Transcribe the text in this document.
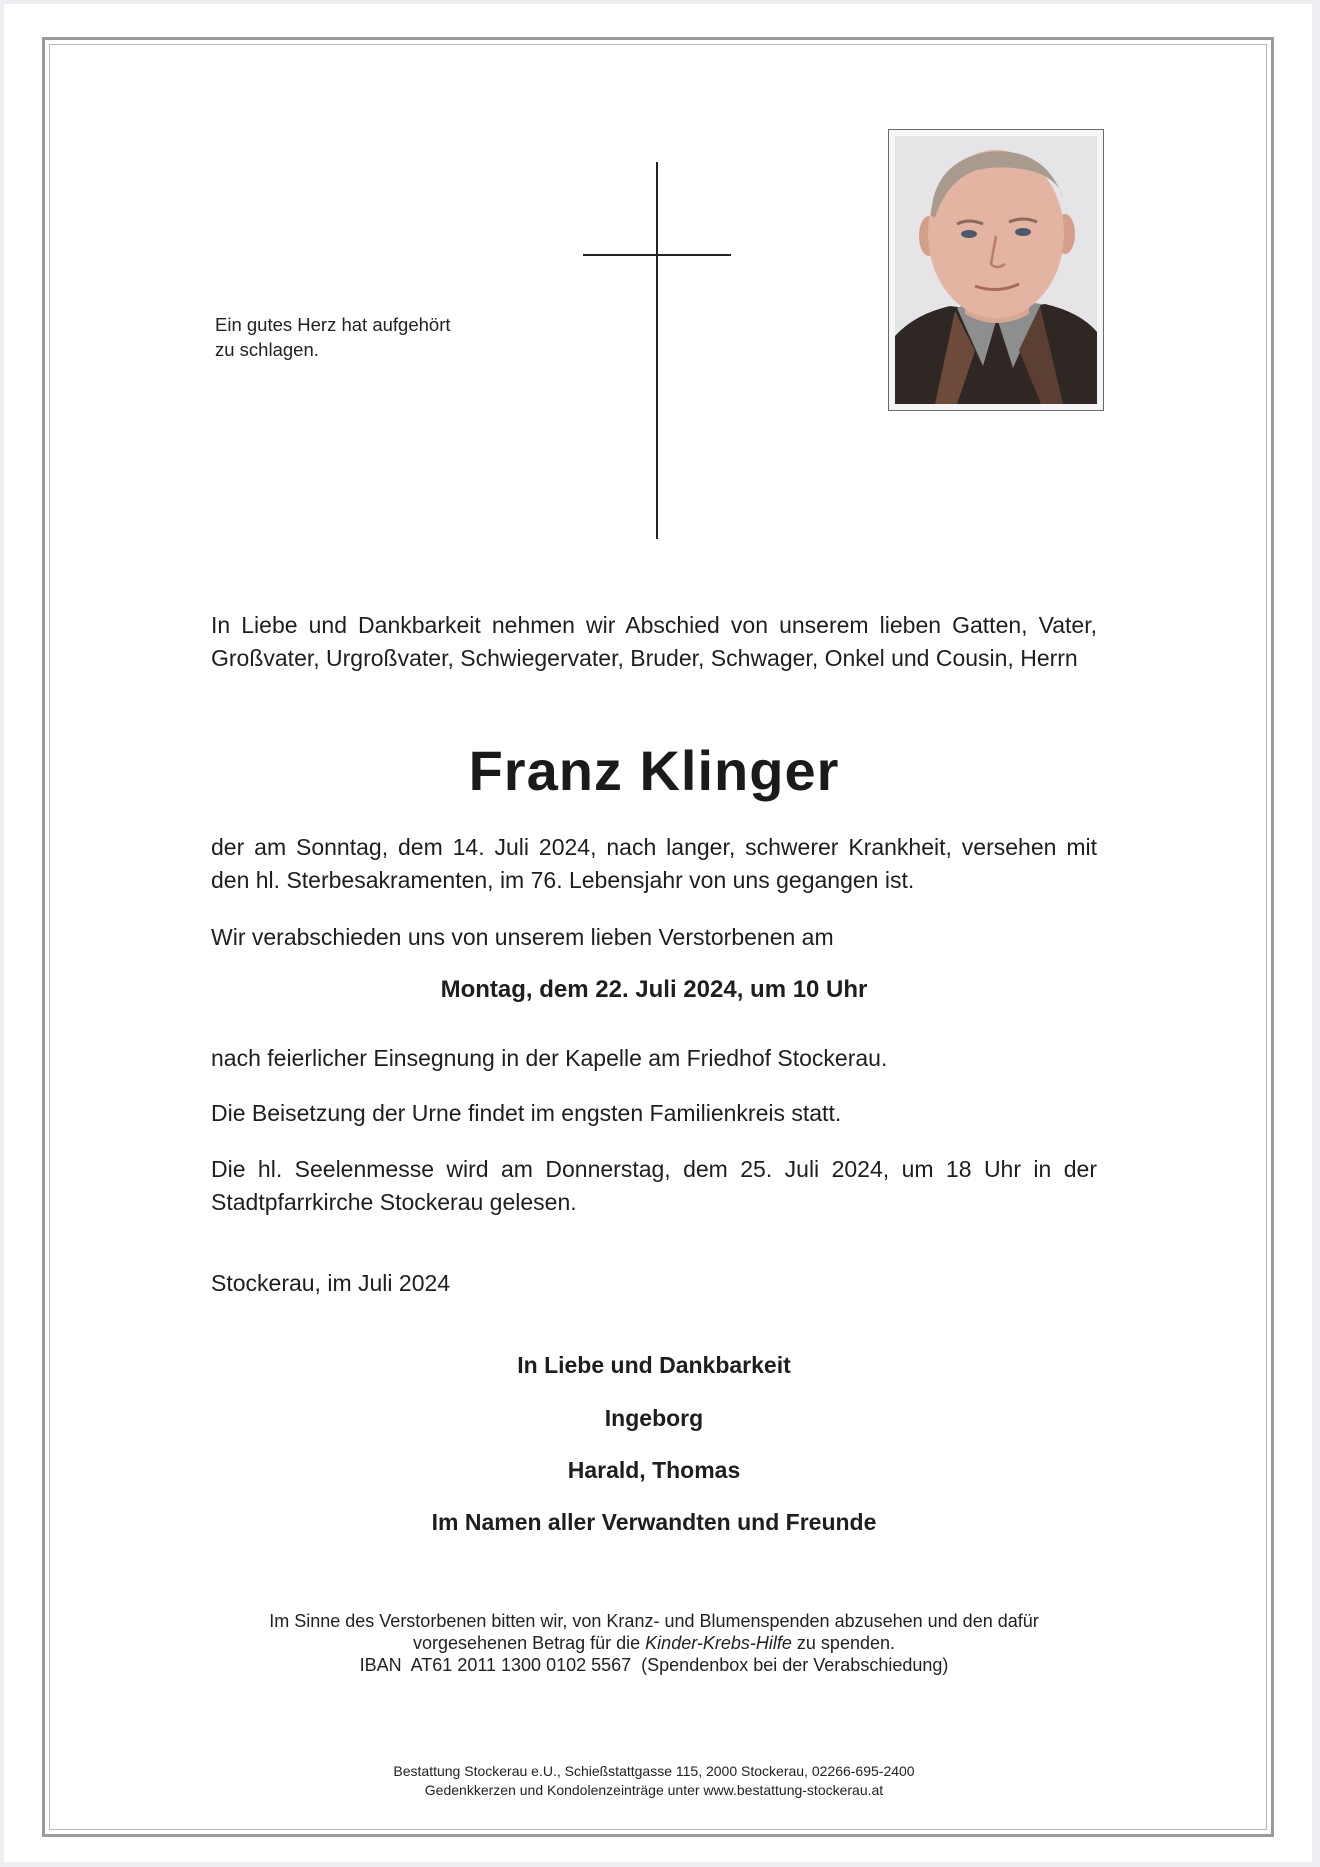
Ein gutes Herz hat aufgehört
zu schlagen.
In Liebe und Dankbarkeit nehmen wir Abschied von unserem lieben Gatten, Vater, Großvater, Urgroßvater, Schwiegervater, Bruder, Schwager, Onkel und Cousin, Herrn
Franz Klinger
der am Sonntag, dem 14. Juli 2024, nach langer, schwerer Krankheit, versehen mit den hl. Sterbesakramenten, im 76. Lebensjahr von uns gegangen ist.
Wir verabschieden uns von unserem lieben Verstorbenen am
Montag, dem 22. Juli 2024, um 10 Uhr
nach feierlicher Einsegnung in der Kapelle am Friedhof Stockerau.
Die Beisetzung der Urne findet im engsten Familienkreis statt.
Die hl. Seelenmesse wird am Donnerstag, dem 25. Juli 2024, um 18 Uhr in der Stadtpfarrkirche Stockerau gelesen.
Stockerau, im Juli 2024
In Liebe und Dankbarkeit
Ingeborg
Harald, Thomas
Im Namen aller Verwandten und Freunde
Im Sinne des Verstorbenen bitten wir, von Kranz- und Blumenspenden abzusehen und den dafür
vorgesehenen Betrag für die Kinder-Krebs-Hilfe zu spenden.
IBAN  AT61 2011 1300 0102 5567  (Spendenbox bei der Verabschiedung)
Bestattung Stockerau e.U., Schießstattgasse 115, 2000 Stockerau, 02266-695-2400
Gedenkkerzen und Kondolenzeinträge unter www.bestattung-stockerau.at
